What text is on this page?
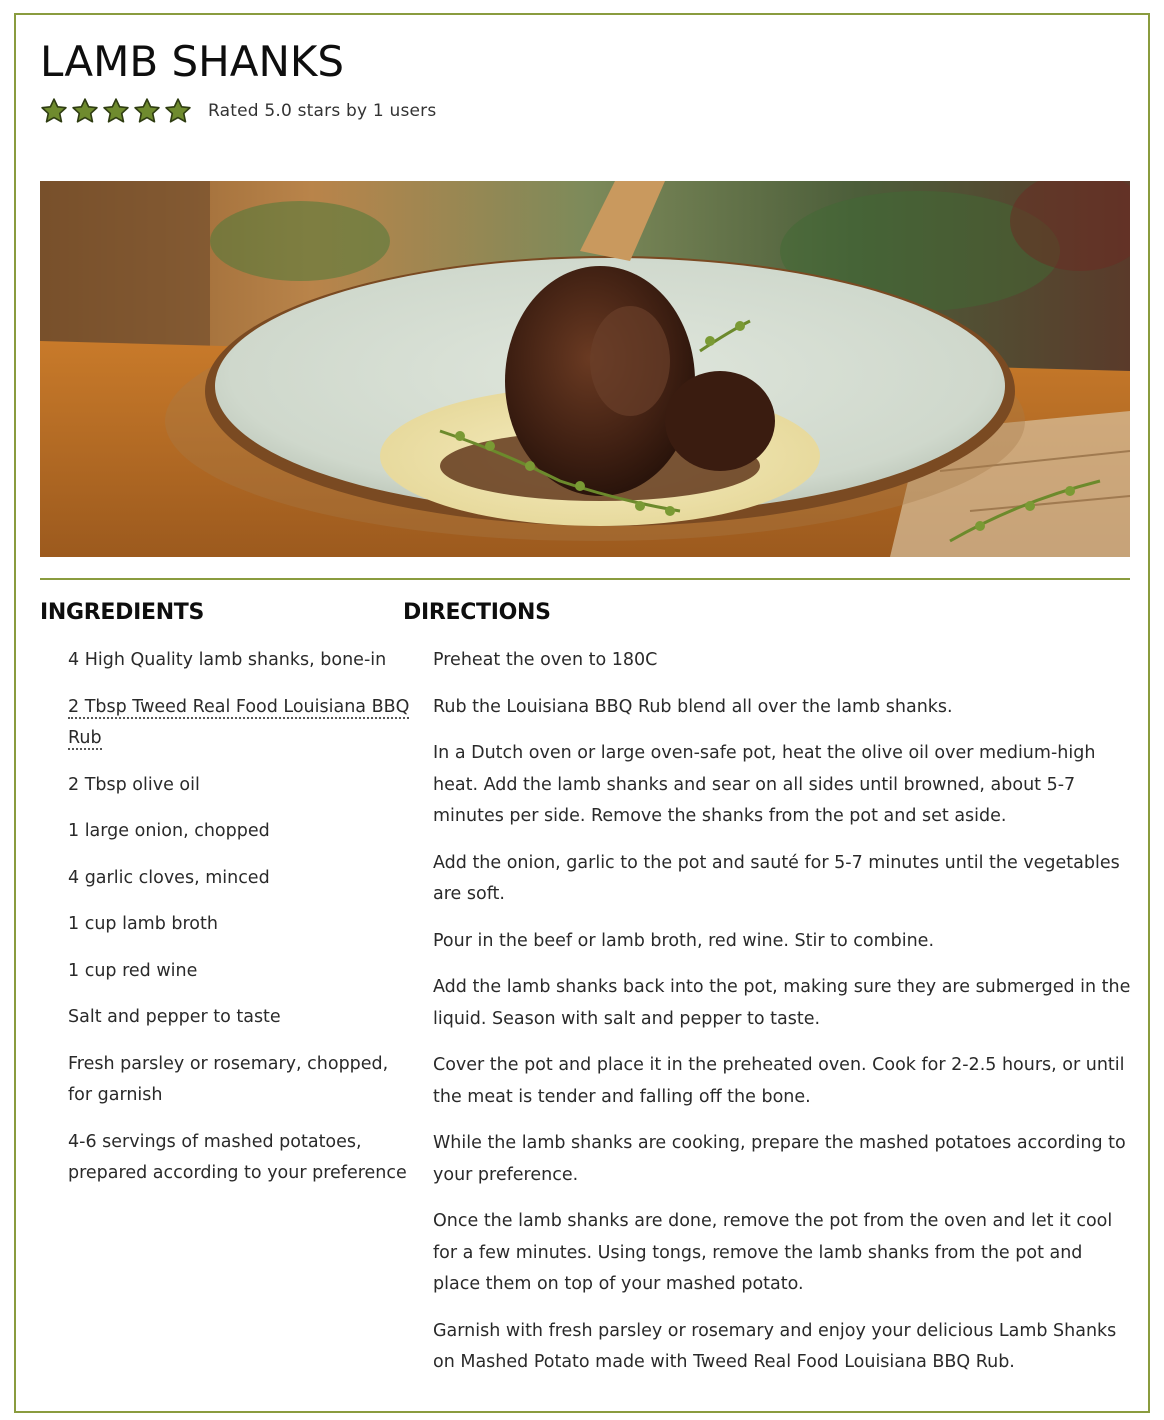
LAMB SHANKS
Rated 5.0 stars by 1 users
INGREDIENTS	DIRECTIONS
4 High Quality lamb shanks, bone-in
2 Tbsp Tweed Real Food Louisiana BBQ Rub
2 Tbsp olive oil
1 large onion, chopped
4 garlic cloves, minced
1 cup lamb broth
1 cup red wine
Salt and pepper to taste
Fresh parsley or rosemary, chopped, for garnish
4-6 servings of mashed potatoes, prepared according to your preference
Preheat the oven to 180C
Rub the Louisiana BBQ Rub blend all over the lamb shanks.
In a Dutch oven or large oven-safe pot, heat the olive oil over medium-high heat. Add the lamb shanks and sear on all sides until browned, about 5-7 minutes per side. Remove the shanks from the pot and set aside.
Add the onion, garlic to the pot and sauté for 5-7 minutes until the vegetables are soft.
Pour in the beef or lamb broth, red wine. Stir to combine.
Add the lamb shanks back into the pot, making sure they are submerged in the liquid. Season with salt and pepper to taste.
Cover the pot and place it in the preheated oven. Cook for 2-2.5 hours, or until the meat is tender and falling off the bone.
While the lamb shanks are cooking, prepare the mashed potatoes according to your preference.
Once the lamb shanks are done, remove the pot from the oven and let it cool for a few minutes. Using tongs, remove the lamb shanks from the pot and place them on top of your mashed potato.
Garnish with fresh parsley or rosemary and enjoy your delicious Lamb Shanks on Mashed Potato made with Tweed Real Food Louisiana BBQ Rub.
